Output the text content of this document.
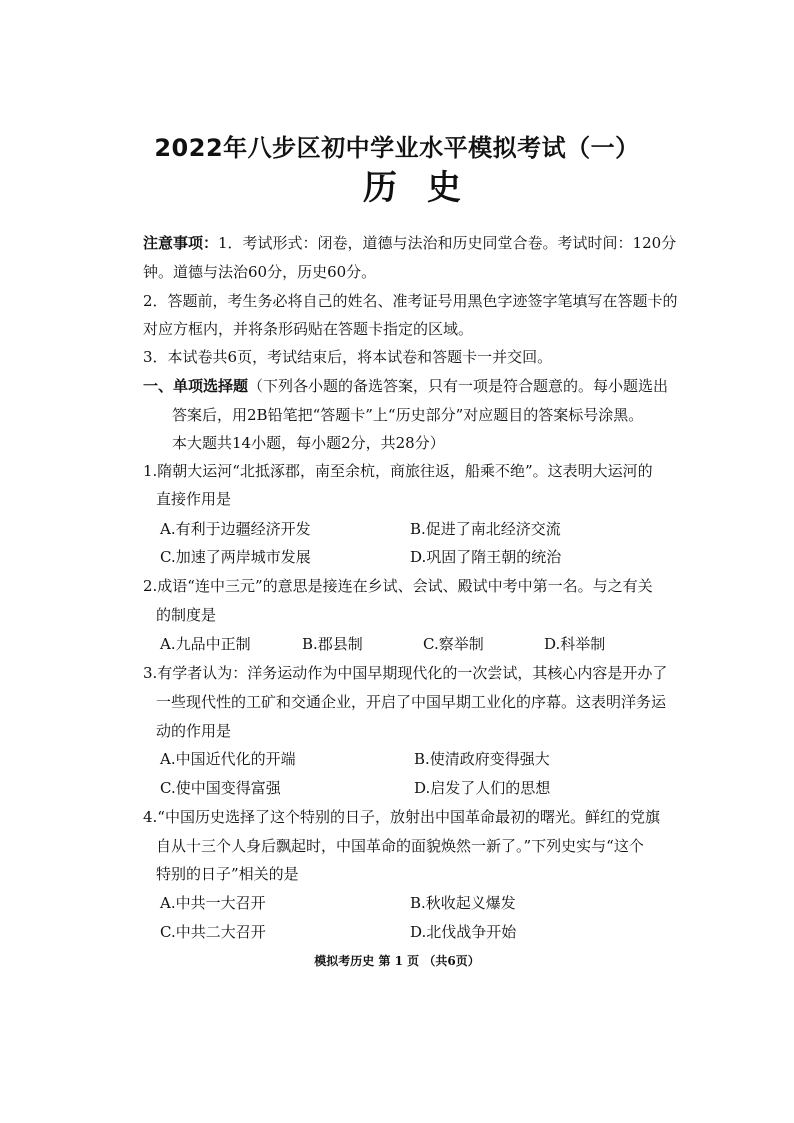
2022年八步区初中学业水平模拟考试（一）
历史
注意事项：1．考试形式：闭卷，道德与法治和历史同堂合卷。考试时间：120分
钟。道德与法治60分，历史60分。
2．答题前，考生务必将自己的姓名、准考证号用黑色字迹签字笔填写在答题卡的
对应方框内，并将条形码贴在答题卡指定的区域。
3．本试卷共6页，考试结束后，将本试卷和答题卡一并交回。
一、单项选择题（下列各小题的备选答案，只有一项是符合题意的。每小题选出
答案后，用2B铅笔把“答题卡”上“历史部分”对应题目的答案标号涂黑。
本大题共14小题，每小题2分，共28分）
1.隋朝大运河“北抵涿郡，南至余杭，商旅往返，船乘不绝”。这表明大运河的
直接作用是
A.有利于边疆经济开发	B.促进了南北经济交流
C.加速了两岸城市发展	D.巩固了隋王朝的统治
2.成语“连中三元”的意思是接连在乡试、会试、殿试中考中第一名。与之有关
的制度是
A.九品中正制	B.郡县制	C.察举制	D.科举制
3.有学者认为：洋务运动作为中国早期现代化的一次尝试，其核心内容是开办了
一些现代性的工矿和交通企业，开启了中国早期工业化的序幕。这表明洋务运
动的作用是
A.中国近代化的开端	B.使清政府变得强大
C.使中国变得富强	D.启发了人们的思想
4.“中国历史选择了这个特别的日子，放射出中国革命最初的曙光。鲜红的党旗
自从十三个人身后飘起时，中国革命的面貌焕然一新了。”下列史实与“这个
特别的日子”相关的是
A.中共一大召开	B.秋收起义爆发
C.中共二大召开	D.北伐战争开始
模拟考历史 第 1 页 （共6页）
